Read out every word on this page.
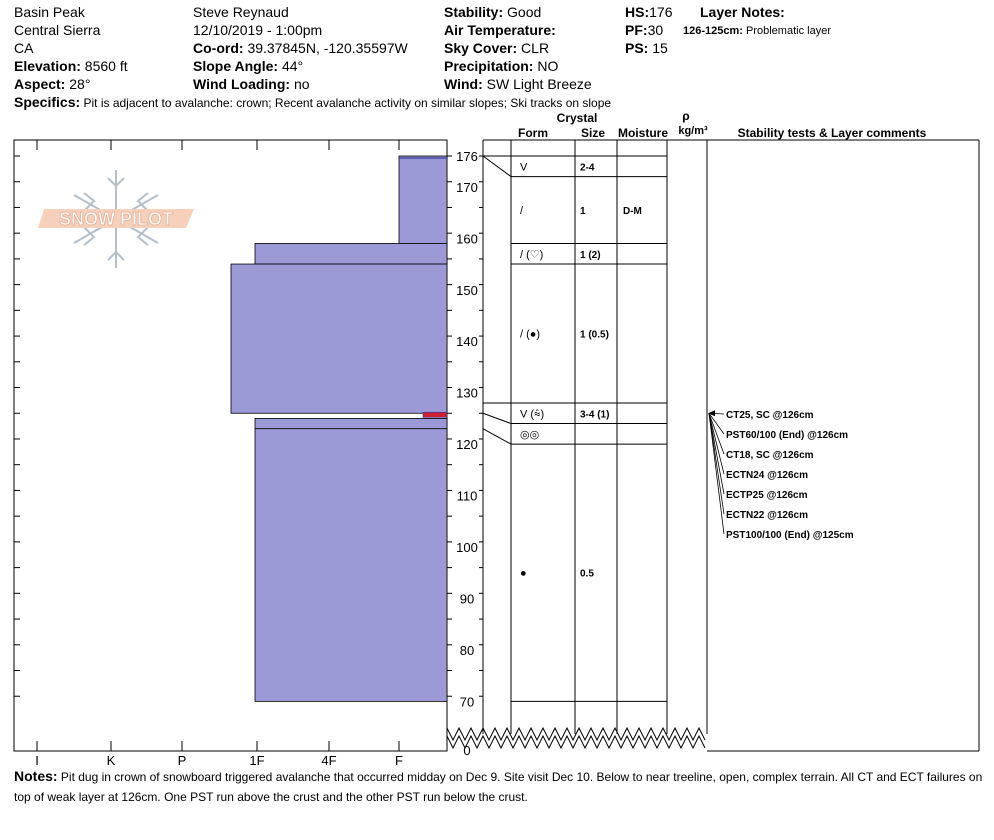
Basin Peak
Central Sierra
CA
Elevation: 8560 ft
Aspect: 28°
Steve Reynaud
12/10/2019 - 1:00pm
Co-ord: 39.37845N, -120.35597W
Slope Angle: 44°
Wind Loading: no
Stability: Good
Air Temperature:
Sky Cover: CLR
Precipitation: NO
Wind: SW Light Breeze
HS:176
PF:30
PS: 15
Layer Notes:
126-125cm: Problematic layer
Specifics: Pit is adjacent to avalanche: crown; Recent avalanche activity on similar slopes; Ski tracks on slope
Crystal
Form	Size Moisture
ρ
kg/m³ Stability tests & Layer comments
SNOW PILOT
I	K	P	1F	4F	F
176
170
160
150
140
130
120
110
100
90
80
70
0
V	2-4
/	1	D-M
/ (♡)	1 (2)
/ (●)	1 (0.5)
V (⩯)	3-4 (1)
◎◎
●	0.5
CT25, SC @126cm
PST60/100 (End) @126cm
CT18, SC @126cm
ECTN24 @126cm
ECTP25 @126cm
ECTN22 @126cm
PST100/100 (End) @125cm
Notes: Pit dug in crown of snowboard triggered avalanche that occurred midday on Dec 9. Site visit Dec 10. Below to near treeline, open, complex terrain. All CT and ECT failures on top of weak layer at 126cm. One PST run above the crust and the other PST run below the crust.
